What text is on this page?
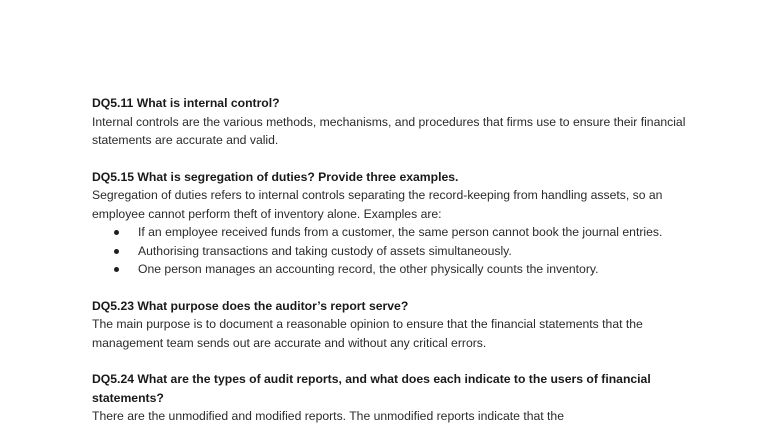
DQ5.11 What is internal control?

Internal controls are the various methods, mechanisms, and procedures that firms use to ensure their financial statements are accurate and valid.

DQ5.15 What is segregation of duties? Provide three examples.

Segregation of duties refers to internal controls separating the record-keeping from handling assets, so an employee cannot perform theft of inventory alone. Examples are:

If an employee received funds from a customer, the same person cannot book the journal entries.
Authorising transactions and taking custody of assets simultaneously.
One person manages an accounting record, the other physically counts the inventory.

DQ5.23 What purpose does the auditor’s report serve?

The main purpose is to document a reasonable opinion to ensure that the financial statements that the management team sends out are accurate and without any critical errors.

DQ5.24 What are the types of audit reports, and what does each indicate to the users of financial statements?

There are the unmodified and modified reports. The unmodified reports indicate that the
